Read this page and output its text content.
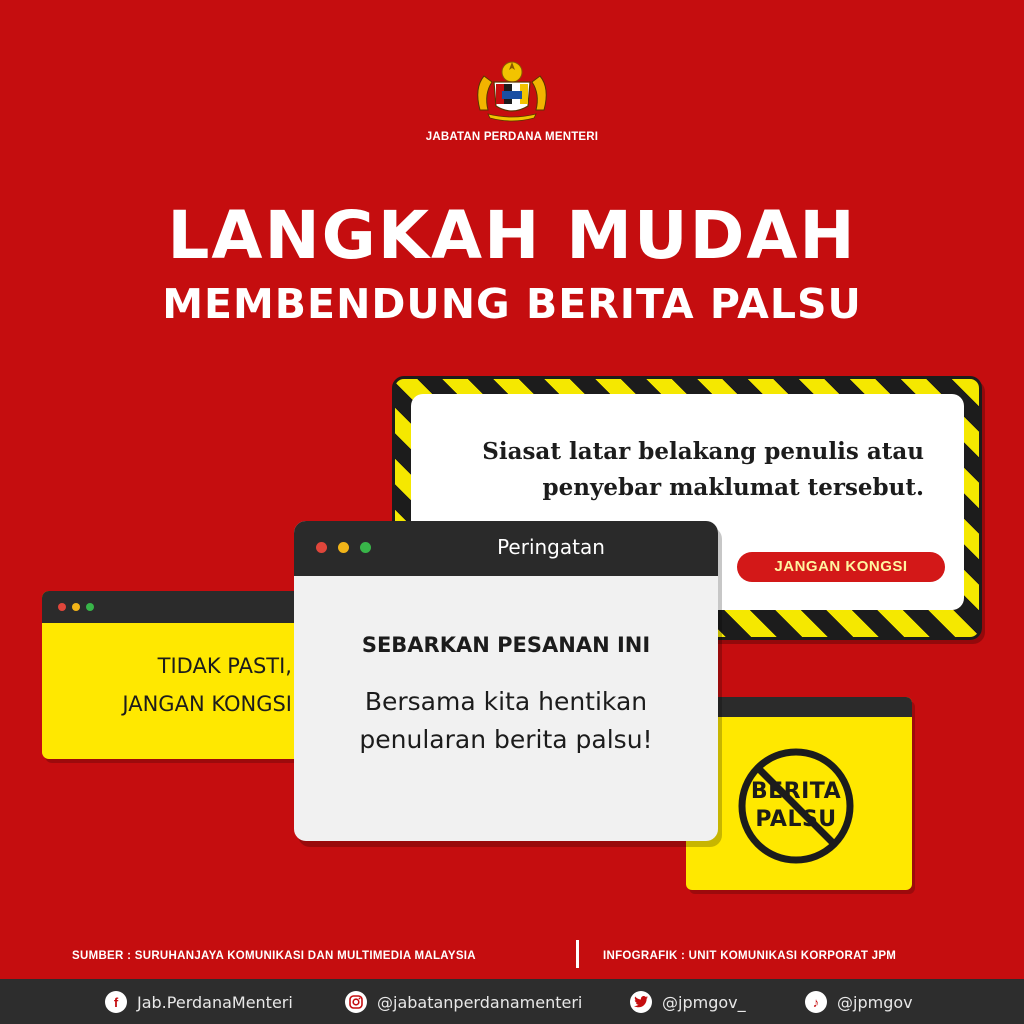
JABATAN PERDANA MENTERI
LANGKAH MUDAH
MEMBENDUNG BERITA PALSU
Siasat latar belakang penulis atau
penyebar maklumat tersebut.
JANGAN KONGSI
TIDAK PASTI,
JANGAN KONGSI
BERITA
PALSU
Peringatan
SEBARKAN PESANAN INI
Bersama kita hentikan
penularan berita palsu!
SUMBER : SURUHANJAYA KOMUNIKASI DAN MULTIMEDIA MALAYSIA	INFOGRAFIK : UNIT KOMUNIKASI KORPORAT JPM
f	Jab.PerdanaMenteri	@jabatanperdanamenteri	@jpmgov_	♪	@jpmgov
